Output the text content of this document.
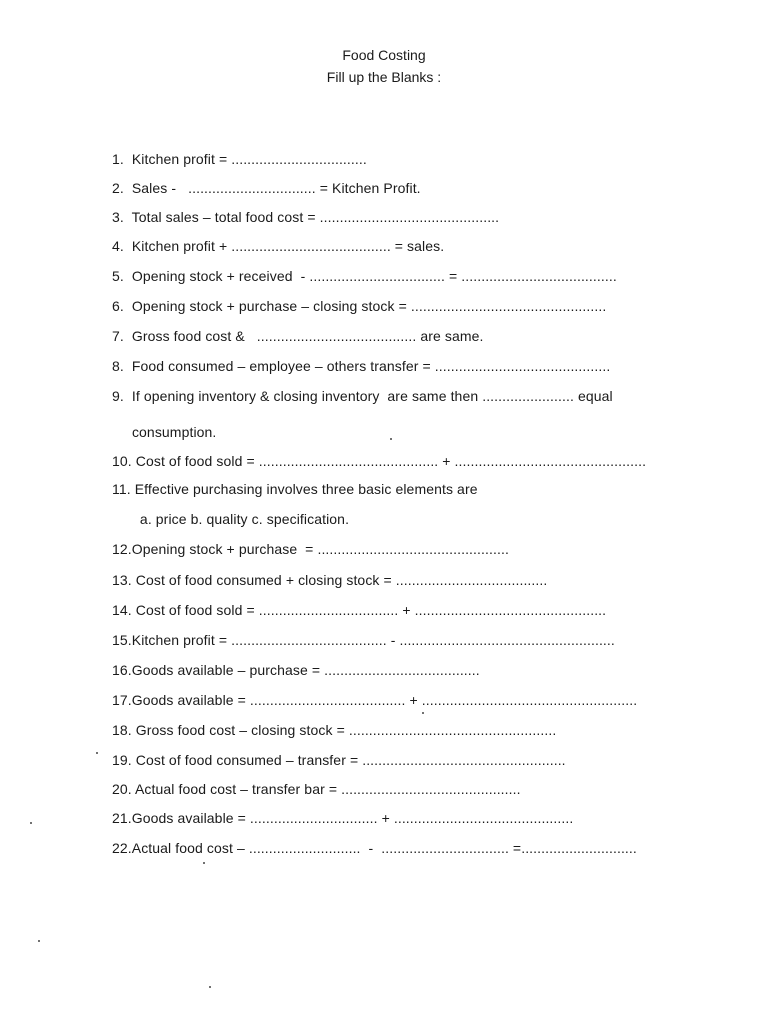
Food Costing
Fill up the Blanks :
1.  Kitchen profit = ..................................
2.  Sales -   ................................ = Kitchen Profit.
3.  Total sales – total food cost = .............................................
4.  Kitchen profit + ........................................ = sales.
5.  Opening stock + received  - .................................. = .......................................
6.  Opening stock + purchase – closing stock = .................................................
7.  Gross food cost &   ........................................ are same.
8.  Food consumed – employee – others transfer = ............................................
9.  If opening inventory & closing inventory  are same then ....................... equal
consumption.
10. Cost of food sold = ............................................. + ................................................
11. Effective purchasing involves three basic elements are
a. price b. quality c. specification.
12.Opening stock + purchase  = ................................................
13. Cost of food consumed + closing stock = ......................................
14. Cost of food sold = ................................... + ................................................
15.Kitchen profit = ....................................... - ......................................................
16.Goods available – purchase = .......................................
17.Goods available = ....................................... + ......................................................
18. Gross food cost – closing stock = ....................................................
19. Cost of food consumed – transfer = ...................................................
20. Actual food cost – transfer bar = .............................................
21.Goods available = ................................ + .............................................
22.Actual food cost – ............................  -  ................................ =.............................
